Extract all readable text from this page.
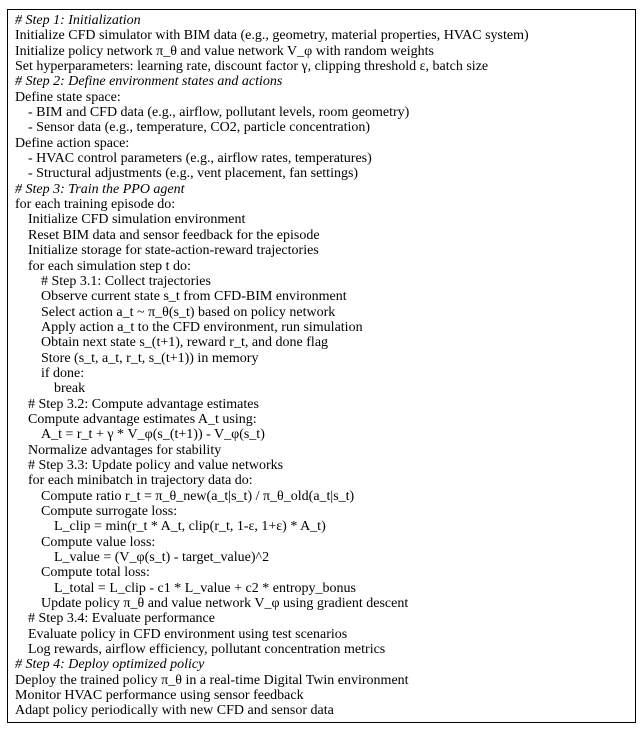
# Step 1: Initialization
Initialize CFD simulator with BIM data (e.g., geometry, material properties, HVAC system)
Initialize policy network π_θ and value network V_φ with random weights
Set hyperparameters: learning rate, discount factor γ, clipping threshold ε, batch size
# Step 2: Define environment states and actions
Define state space:
- BIM and CFD data (e.g., airflow, pollutant levels, room geometry)
- Sensor data (e.g., temperature, CO2, particle concentration)
Define action space:
- HVAC control parameters (e.g., airflow rates, temperatures)
- Structural adjustments (e.g., vent placement, fan settings)
# Step 3: Train the PPO agent
for each training episode do:
Initialize CFD simulation environment
Reset BIM data and sensor feedback for the episode
Initialize storage for state-action-reward trajectories
for each simulation step t do:
# Step 3.1: Collect trajectories
Observe current state s_t from CFD-BIM environment
Select action a_t ~ π_θ(s_t) based on policy network
Apply action a_t to the CFD environment, run simulation
Obtain next state s_(t+1), reward r_t, and done flag
Store (s_t, a_t, r_t, s_(t+1)) in memory
if done:
break
# Step 3.2: Compute advantage estimates
Compute advantage estimates A_t using:
A_t = r_t + γ * V_φ(s_(t+1)) - V_φ(s_t)
Normalize advantages for stability
# Step 3.3: Update policy and value networks
for each minibatch in trajectory data do:
Compute ratio r_t = π_θ_new(a_t|s_t) / π_θ_old(a_t|s_t)
Compute surrogate loss:
L_clip = min(r_t * A_t, clip(r_t, 1-ε, 1+ε) * A_t)
Compute value loss:
L_value = (V_φ(s_t) - target_value)^2
Compute total loss:
L_total = L_clip - c1 * L_value + c2 * entropy_bonus
Update policy π_θ and value network V_φ using gradient descent
# Step 3.4: Evaluate performance
Evaluate policy in CFD environment using test scenarios
Log rewards, airflow efficiency, pollutant concentration metrics
# Step 4: Deploy optimized policy
Deploy the trained policy π_θ in a real-time Digital Twin environment
Monitor HVAC performance using sensor feedback
Adapt policy periodically with new CFD and sensor data
